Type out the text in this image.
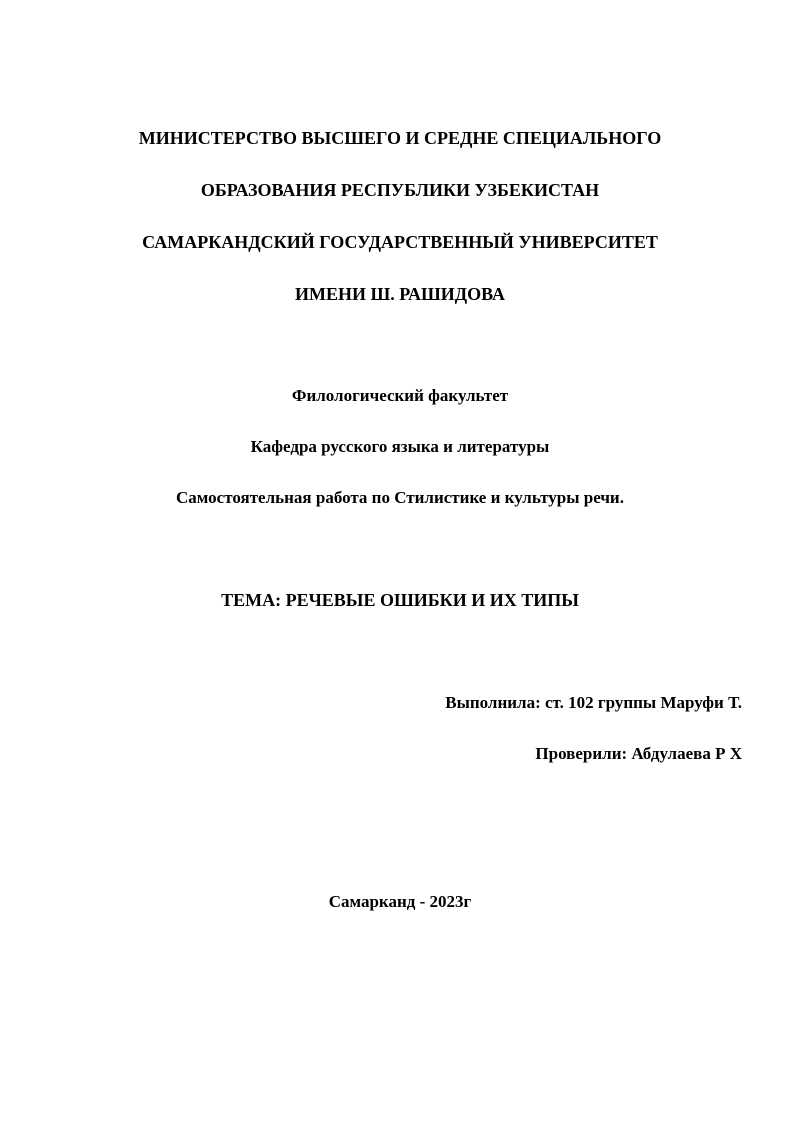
МИНИСТЕРСТВО ВЫСШЕГО И СРЕДНЕ СПЕЦИАЛЬНОГО
ОБРАЗОВАНИЯ РЕСПУБЛИКИ УЗБЕКИСТАН
САМАРКАНДСКИЙ ГОСУДАРСТВЕННЫЙ УНИВЕРСИТЕТ
ИМЕНИ Ш. РАШИДОВА
Филологический факультет
Кафедра русского языка и литературы
Самостоятельная работа по Стилистике и культуры речи.
ТЕМА: РЕЧЕВЫЕ ОШИБКИ И ИХ ТИПЫ
Выполнила: ст. 102 группы Маруфи Т.
Проверили: Абдулаева Р Х
Самарканд - 2023г
